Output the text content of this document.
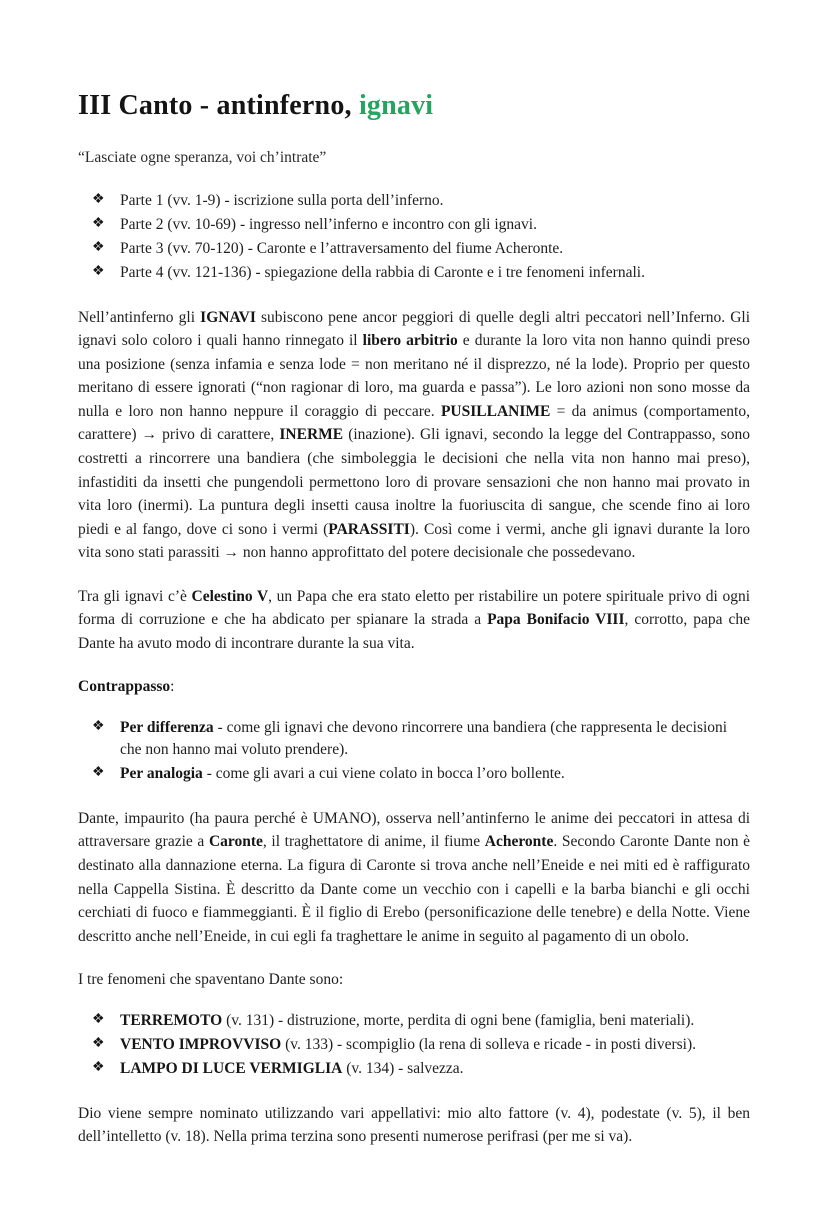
III Canto - antinferno, ignavi

“Lasciate ogne speranza, voi ch’intrate”

❖ Parte 1 (vv. 1-9) - iscrizione sulla porta dell’inferno.
❖ Parte 2 (vv. 10-69) - ingresso nell’inferno e incontro con gli ignavi.
❖ Parte 3 (vv. 70-120) - Caronte e l’attraversamento del fiume Acheronte.
❖ Parte 4 (vv. 121-136) - spiegazione della rabbia di Caronte e i tre fenomeni infernali.

Nell’antinferno gli IGNAVI subiscono pene ancor peggiori di quelle degli altri peccatori nell’Inferno. Gli ignavi solo coloro i quali hanno rinnegato il libero arbitrio e durante la loro vita non hanno quindi preso una posizione (senza infamia e senza lode = non meritano né il disprezzo, né la lode). Proprio per questo meritano di essere ignorati (“non ragionar di loro, ma guarda e passa”). Le loro azioni non sono mosse da nulla e loro non hanno neppure il coraggio di peccare. PUSILLANIME = da animus (comportamento, carattere) → privo di carattere, INERME (inazione). Gli ignavi, secondo la legge del Contrappasso, sono costretti a rincorrere una bandiera (che simboleggia le decisioni che nella vita non hanno mai preso), infastiditi da insetti che pungendoli permettono loro di provare sensazioni che non hanno mai provato in vita loro (inermi). La puntura degli insetti causa inoltre la fuoriuscita di sangue, che scende fino ai loro piedi e al fango, dove ci sono i vermi (PARASSITI). Così come i vermi, anche gli ignavi durante la loro vita sono stati parassiti → non hanno approfittato del potere decisionale che possedevano.

Tra gli ignavi c’è Celestino V, un Papa che era stato eletto per ristabilire un potere spirituale privo di ogni forma di corruzione e che ha abdicato per spianare la strada a Papa Bonifacio VIII, corrotto, papa che Dante ha avuto modo di incontrare durante la sua vita.

Contrappasso:

❖ Per differenza - come gli ignavi che devono rincorrere una bandiera (che rappresenta le decisioni che non hanno mai voluto prendere).
❖ Per analogia - come gli avari a cui viene colato in bocca l’oro bollente.

Dante, impaurito (ha paura perché è UMANO), osserva nell’antinferno le anime dei peccatori in attesa di attraversare grazie a Caronte, il traghettatore di anime, il fiume Acheronte. Secondo Caronte Dante non è destinato alla dannazione eterna. La figura di Caronte si trova anche nell’Eneide e nei miti ed è raffigurato nella Cappella Sistina. È descritto da Dante come un vecchio con i capelli e la barba bianchi e gli occhi cerchiati di fuoco e fiammeggianti. È il figlio di Erebo (personificazione delle tenebre) e della Notte. Viene descritto anche nell’Eneide, in cui egli fa traghettare le anime in seguito al pagamento di un obolo.

I tre fenomeni che spaventano Dante sono:

❖ TERREMOTO (v. 131) - distruzione, morte, perdita di ogni bene (famiglia, beni materiali).
❖ VENTO IMPROVVISO (v. 133) - scompiglio (la rena di solleva e ricade - in posti diversi).
❖ LAMPO DI LUCE VERMIGLIA (v. 134) - salvezza.

Dio viene sempre nominato utilizzando vari appellativi: mio alto fattore (v. 4), podestate (v. 5), il ben dell’intelletto (v. 18). Nella prima terzina sono presenti numerose perifrasi (per me si va).
